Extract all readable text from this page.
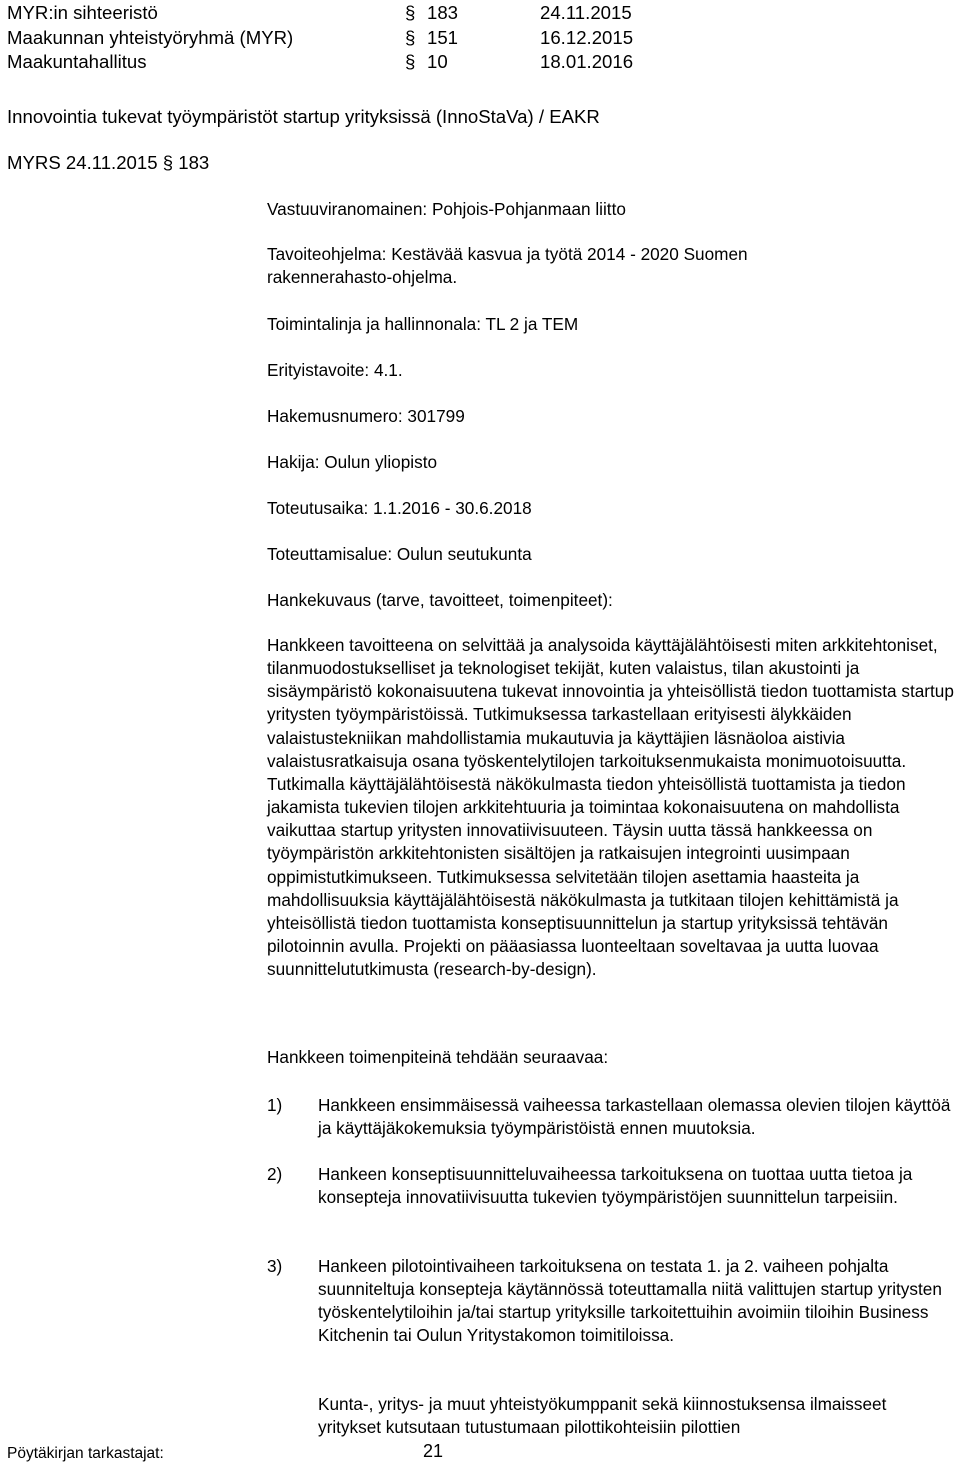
MYR:in sihteeristö	§ 183	24.11.2015
Maakunnan yhteistyöryhmä (MYR)	§ 151	16.12.2015
Maakuntahallitus	§ 10	18.01.2016
Innovointia tukevat työympäristöt startup yrityksissä (InnoStaVa) / EAKR
MYRS 24.11.2015 § 183
Vastuuviranomainen: Pohjois-Pohjanmaan liitto
Tavoiteohjelma: Kestävää kasvua ja työtä 2014 - 2020 Suomen rakennerahasto-ohjelma.
Toimintalinja ja hallinnonala: TL 2 ja TEM
Erityistavoite: 4.1.
Hakemusnumero: 301799
Hakija: Oulun yliopisto
Toteutusaika: 1.1.2016 - 30.6.2018
Toteuttamisalue: Oulun seutukunta
Hankekuvaus (tarve, tavoitteet, toimenpiteet):
Hankkeen tavoitteena on selvittää ja analysoida käyttäjälähtöisesti miten arkkitehtoniset, tilanmuodostukselliset ja teknologiset tekijät, kuten valaistus, tilan akustointi ja sisäympäristö kokonaisuutena tukevat innovointia ja yhteisöllistä tiedon tuottamista startup yritysten työympäristöissä. Tutkimuksessa tarkastellaan erityisesti älykkäiden valaistustekniikan mahdollistamia mukautuvia ja käyttäjien läsnäoloa aistivia valaistusratkaisuja osana työskentelytilojen tarkoituksenmukaista monimuotoisuutta. Tutkimalla käyttäjälähtöisestä näkökulmasta tiedon yhteisöllistä tuottamista ja tiedon jakamista tukevien tilojen arkkitehtuuria ja toimintaa kokonaisuutena on mahdollista vaikuttaa startup yritysten innovatiivisuuteen. Täysin uutta tässä hankkeessa on työympäristön arkkitehtonisten sisältöjen ja ratkaisujen integrointi uusimpaan oppimistutkimukseen. Tutkimuksessa selvitetään tilojen asettamia haasteita ja mahdollisuuksia käyttäjälähtöisestä näkökulmasta ja tutkitaan tilojen kehittämistä ja yhteisöllistä tiedon tuottamista konseptisuunnittelun ja startup yrityksissä tehtävän pilotoinnin avulla. Projekti on pääasiassa luonteeltaan soveltavaa ja uutta luovaa suunnittelututkimusta (research-by-design).
Hankkeen toimenpiteinä tehdään seuraavaa:
1) Hankkeen ensimmäisessä vaiheessa tarkastellaan olemassa olevien tilojen käyttöä ja käyttäjäkokemuksia työympäristöistä ennen muutoksia.
2) Hankeen konseptisuunnitteluvaiheessa tarkoituksena on tuottaa uutta tietoa ja konsepteja innovatiivisuutta tukevien työympäristöjen suunnittelun tarpeisiin.
3) Hankeen pilotointivaiheen tarkoituksena on testata 1. ja 2. vaiheen pohjalta suunniteltuja konsepteja käytännössä toteuttamalla niitä valittujen startup yritysten työskentelytiloihin ja/tai startup yrityksille tarkoitettuihin avoimiin tiloihin Business Kitchenin tai Oulun Yritystakomon toimitiloissa.
Kunta-, yritys- ja muut yhteistyökumppanit sekä kiinnostuksensa ilmaisseet yritykset kutsutaan tutustumaan pilottikohteisiin pilottien
Pöytäkirjan tarkastajat:	21
